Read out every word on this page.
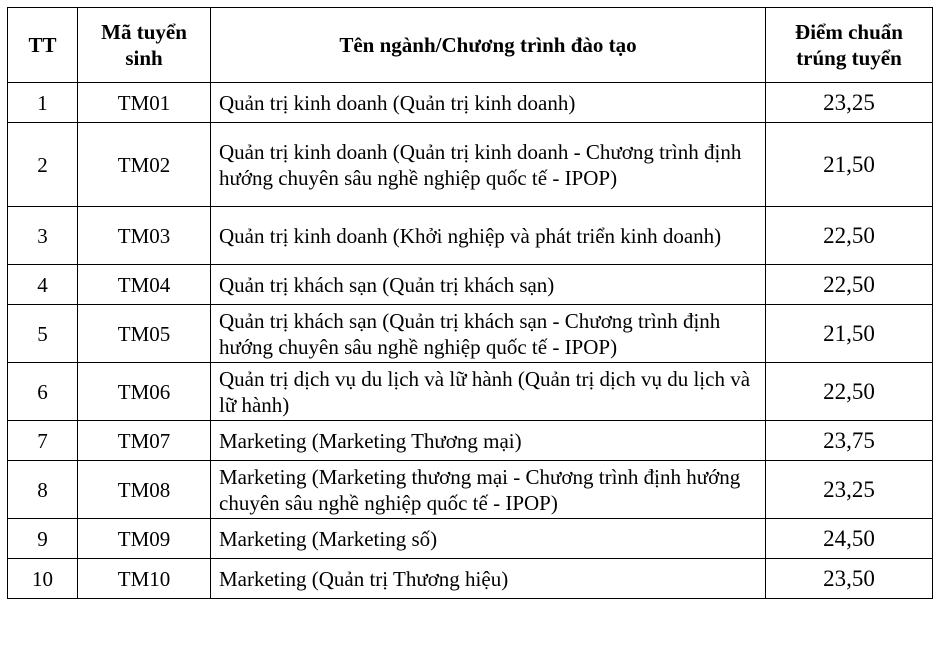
TT	Mã tuyển sinh	Tên ngành/Chương trình đào tạo	Điểm chuẩn trúng tuyển
1	TM01	Quản trị kinh doanh (Quản trị kinh doanh)	23,25
2	TM02	Quản trị kinh doanh (Quản trị kinh doanh - Chương trình định hướng chuyên sâu nghề nghiệp quốc tế - IPOP)	21,50
3	TM03	Quản trị kinh doanh (Khởi nghiệp và phát triển kinh doanh)	22,50
4	TM04	Quản trị khách sạn (Quản trị khách sạn)	22,50
5	TM05	Quản trị khách sạn (Quản trị khách sạn - Chương trình định hướng chuyên sâu nghề nghiệp quốc tế - IPOP)	21,50
6	TM06	Quản trị dịch vụ du lịch và lữ hành (Quản trị dịch vụ du lịch và lữ hành)	22,50
7	TM07	Marketing (Marketing Thương mại)	23,75
8	TM08	Marketing (Marketing thương mại - Chương trình định hướng chuyên sâu nghề nghiệp quốc tế - IPOP)	23,25
9	TM09	Marketing (Marketing số)	24,50
10	TM10	Marketing (Quản trị Thương hiệu)	23,50
